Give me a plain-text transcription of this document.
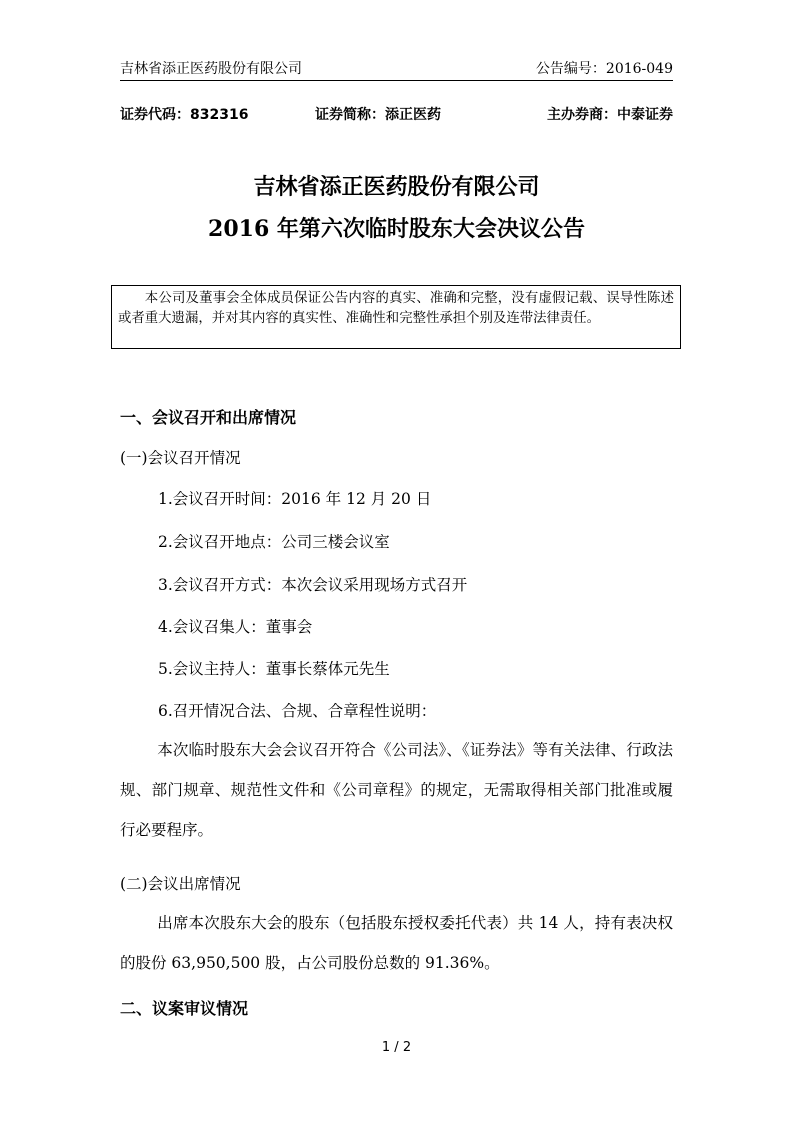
吉林省添正医药股份有限公司	公告编号：2016-049
证券代码：832316	证券简称：添正医药	主办券商：中泰证券
吉林省添正医药股份有限公司
2016 年第六次临时股东大会决议公告
本公司及董事会全体成员保证公告内容的真实、准确和完整，没有虚假记载、误导性陈述或者重大遗漏，并对其内容的真实性、准确性和完整性承担个别及连带法律责任。
一、会议召开和出席情况
(一)会议召开情况
1.会议召开时间：2016 年 12 月 20 日
2.会议召开地点：公司三楼会议室
3.会议召开方式：本次会议采用现场方式召开
4.会议召集人：董事会
5.会议主持人：董事长蔡体元先生
6.召开情况合法、合规、合章程性说明：
本次临时股东大会会议召开符合《公司法》、《证券法》等有关法律、行政法规、部门规章、规范性文件和《公司章程》的规定，无需取得相关部门批准或履行必要程序。
(二)会议出席情况
出席本次股东大会的股东（包括股东授权委托代表）共 14 人，持有表决权的股份 63,950,500 股，占公司股份总数的 91.36%。
二、议案审议情况
1 / 2
